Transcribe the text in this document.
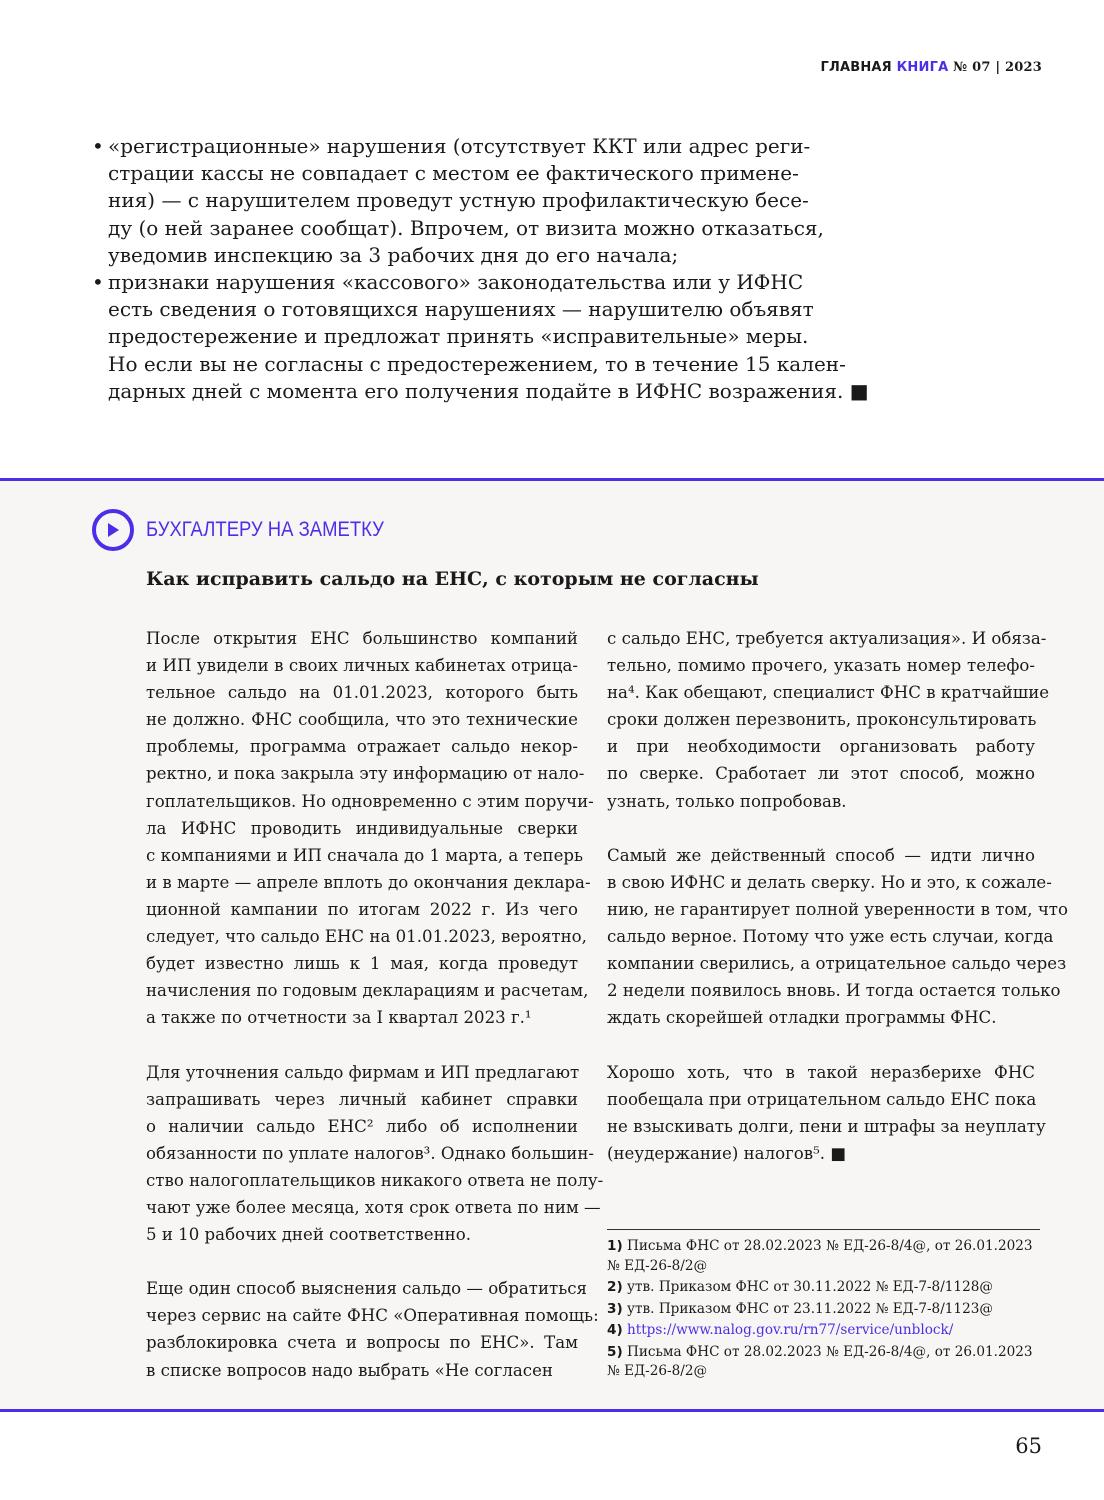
ГЛАВНАЯ КНИГА № 07 | 2023
• «регистрационные» нарушения (отсутствует ККТ или адрес реги-
страции кассы не совпадает с местом ее фактического примене-
ния) — с нарушителем проведут устную профилактическую бесе-
ду (о ней заранее сообщат). Впрочем, от визита можно отказаться,
уведомив инспекцию за 3 рабочих дня до его начала;
• признаки нарушения «кассового» законодательства или у ИФНС
есть сведения о готовящихся нарушениях — нарушителю объявят
предостережение и предложат принять «исправительные» меры.
Но если вы не согласны с предостережением, то в течение 15 кален-
дарных дней с момента его получения подайте в ИФНС возражения. ■
БУХГАЛТЕРУ НА ЗАМЕТКУ
Как исправить сальдо на ЕНС, с которым не согласны
После открытия ЕНС большинство компаний
и ИП увидели в своих личных кабинетах отрица-
тельное сальдо на 01.01.2023, которого быть
не должно. ФНС сообщила, что это технические
проблемы, программа отражает сальдо некор-
ректно, и пока закрыла эту информацию от нало-
гоплательщиков. Но одновременно с этим поручи-
ла ИФНС проводить индивидуальные сверки
с компаниями и ИП сначала до 1 марта, а теперь
и в марте — апреле вплоть до окончания деклара-
ционной кампании по итогам 2022 г. Из чего
следует, что сальдо ЕНС на 01.01.2023, вероятно,
будет известно лишь к 1 мая, когда проведут
начисления по годовым декларациям и расчетам,
а также по отчетности за I квартал 2023 г.¹
Для уточнения сальдо фирмам и ИП предлагают
запрашивать через личный кабинет справки
о наличии сальдо ЕНС² либо об исполнении
обязанности по уплате налогов³. Однако большин-
ство налогоплательщиков никакого ответа не полу-
чают уже более месяца, хотя срок ответа по ним —
5 и 10 рабочих дней соответственно.
Еще один способ выяснения сальдо — обратиться
через сервис на сайте ФНС «Оперативная помощь:
разблокировка счета и вопросы по ЕНС». Там
в списке вопросов надо выбрать «Не согласен
с сальдо ЕНС, требуется актуализация». И обяза-
тельно, помимо прочего, указать номер телефо-
на⁴. Как обещают, специалист ФНС в кратчайшие
сроки должен перезвонить, проконсультировать
и при необходимости организовать работу
по сверке. Сработает ли этот способ, можно
узнать, только попробовав.
Самый же действенный способ — идти лично
в свою ИФНС и делать сверку. Но и это, к сожале-
нию, не гарантирует полной уверенности в том, что
сальдо верное. Потому что уже есть случаи, когда
компании сверились, а отрицательное сальдо через
2 недели появилось вновь. И тогда остается только
ждать скорейшей отладки программы ФНС.
Хорошо хоть, что в такой неразберихе ФНС
пообещала при отрицательном сальдо ЕНС пока
не взыскивать долги, пени и штрафы за неуплату
(неудержание) налогов⁵. ■
1) Письма ФНС от 28.02.2023 № ЕД-26-8/4@, от 26.01.2023 № ЕД-26-8/2@
2) утв. Приказом ФНС от 30.11.2022 № ЕД-7-8/1128@
3) утв. Приказом ФНС от 23.11.2022 № ЕД-7-8/1123@
4) https://www.nalog.gov.ru/rn77/service/unblock/
5) Письма ФНС от 28.02.2023 № ЕД-26-8/4@, от 26.01.2023 № ЕД-26-8/2@
65
